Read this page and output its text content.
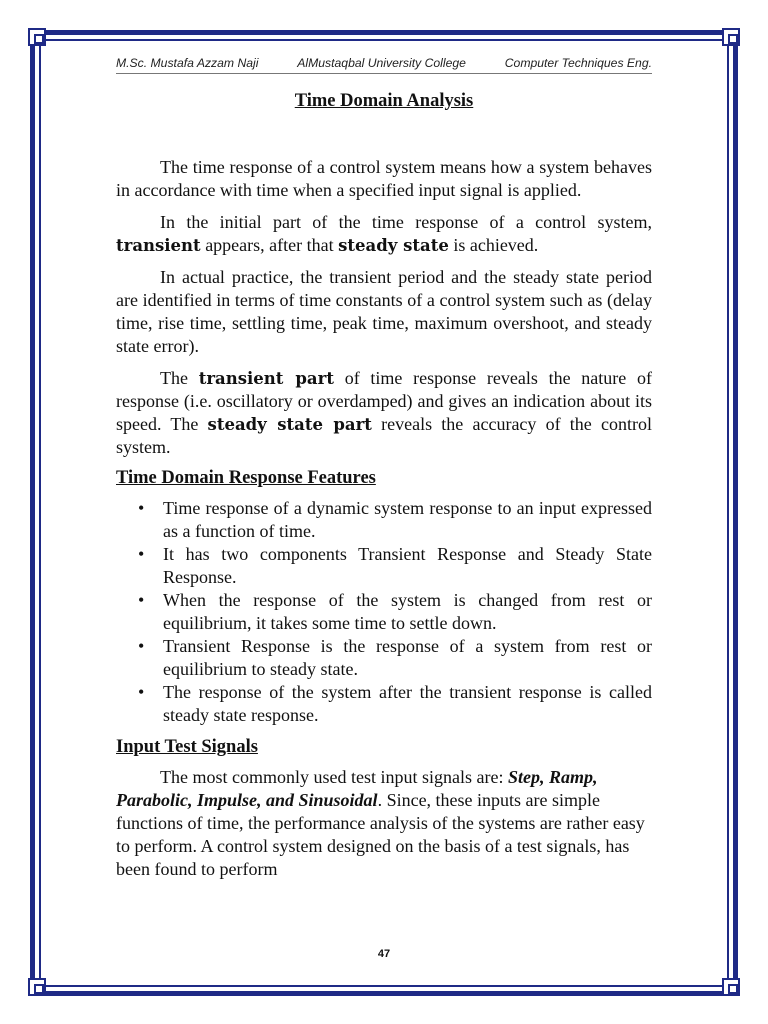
M.Sc. Mustafa Azzam Naji	AlMustaqbal University College	Computer Techniques Eng.
Time Domain Analysis

The time response of a control system means how a system behaves in accordance with time when a specified input signal is applied.

In the initial part of the time response of a control system, transient appears, after that steady state is achieved.

In actual practice, the transient period and the steady state period are identified in terms of time constants of a control system such as (delay time, rise time, settling time, peak time, maximum overshoot, and steady state error).

The transient part of time response reveals the nature of response (i.e. oscillatory or overdamped) and gives an indication about its speed. The steady state part reveals the accuracy of the control system.

Time Domain Response Features
• Time response of a dynamic system response to an input expressed as a function of time.
• It has two components Transient Response and Steady State Response.
• When the response of the system is changed from rest or equilibrium, it takes some time to settle down.
• Transient Response is the response of a system from rest or equilibrium to steady state.
• The response of the system after the transient response is called steady state response.
Input Test Signals

The most commonly used test input signals are: Step, Ramp, Parabolic, Impulse, and Sinusoidal. Since, these inputs are simple functions of time, the performance analysis of the systems are rather easy to perform. A control system designed on the basis of a test signals, has been found to perform

47
